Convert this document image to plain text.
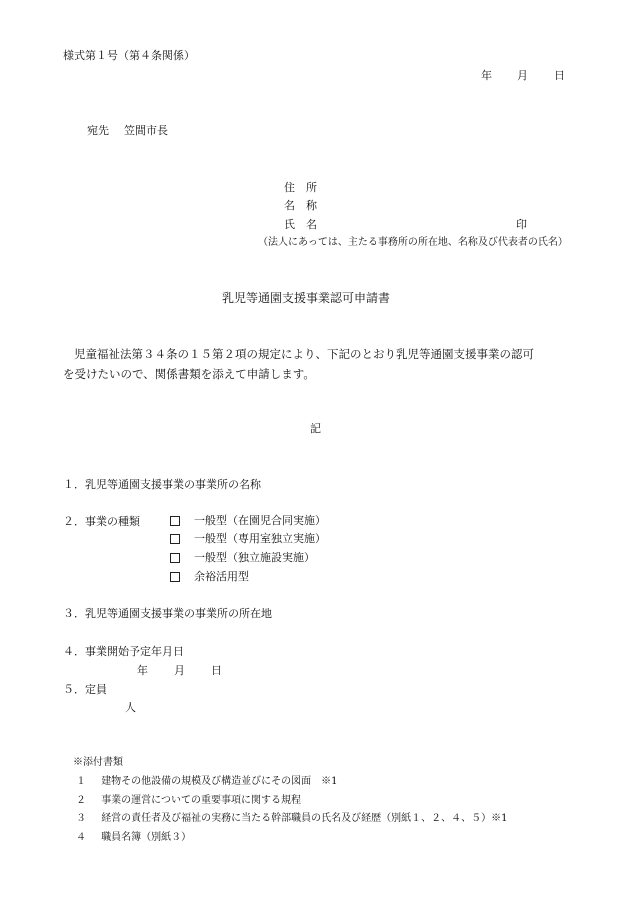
様式第１号（第４条関係）
年 月 日
宛先 笠間市長
住　所
名　称
氏　名	印
（法人にあっては、主たる事務所の所在地、名称及び代表者の氏名）
乳児等通園支援事業認可申請書
児童福祉法第３４条の１５第２項の規定により、下記のとおり乳児等通園支援事業の認可
を受けたいので、関係書類を添えて申請します。
記
１．乳児等通園支援事業の事業所の名称
２．事業の種類	一般型（在園児合同実施）
一般型（専用室独立実施）
一般型（独立施設実施）
余裕活用型
３．乳児等通園支援事業の事業所の所在地
４．事業開始予定年月日
年 月 日
５．定員
人
※添付書類
１ 建物その他設備の規模及び構造並びにその図面　※1
２ 事業の運営についての重要事項に関する規程
３ 経営の責任者及び福祉の実務に当たる幹部職員の氏名及び経歴（別紙１、２、４、５）※1
４ 職員名簿（別紙３）
